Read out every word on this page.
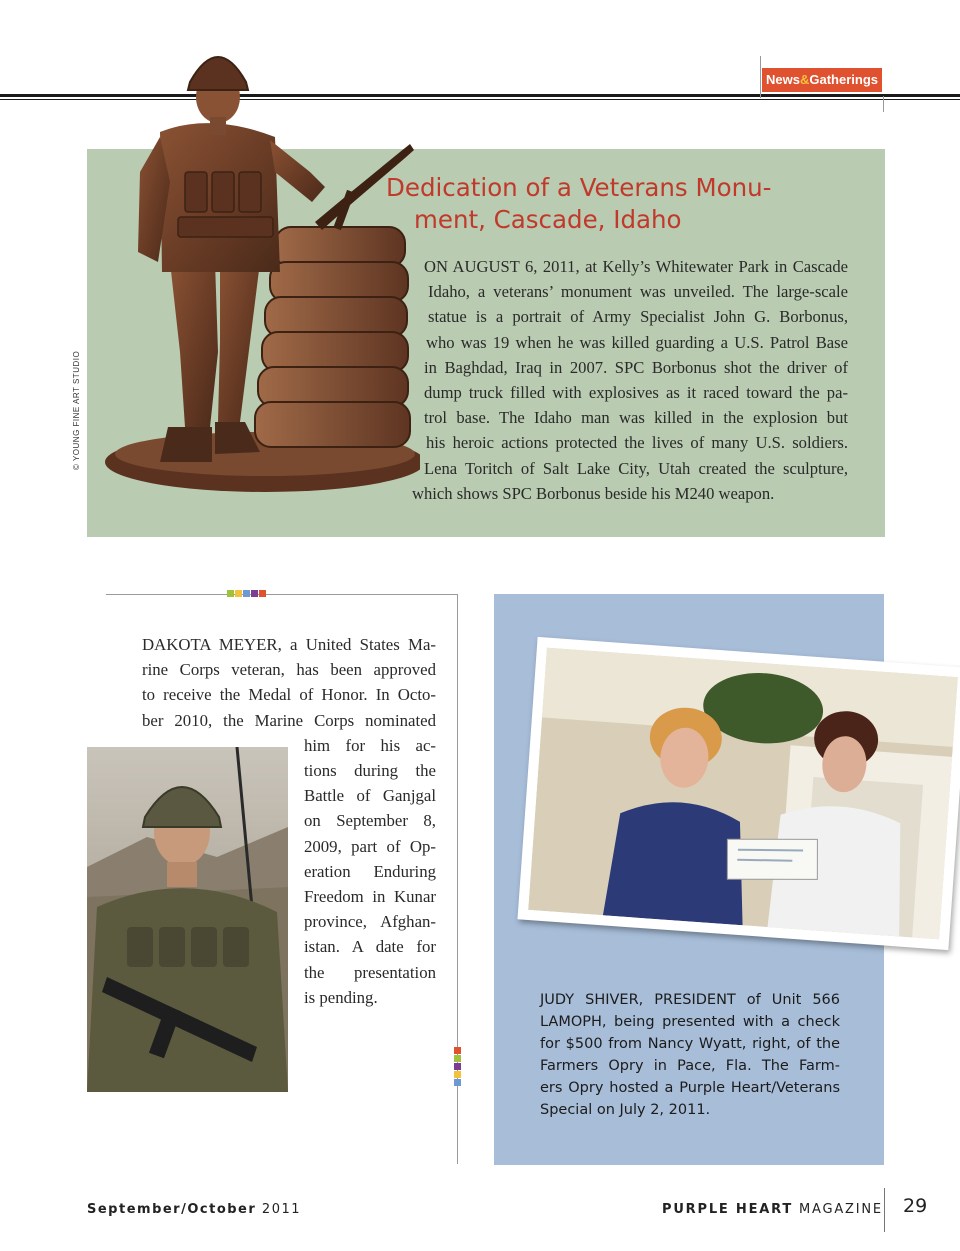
News&Gatherings
© YOUNG FINE ART STUDIO
Dedication of a Veterans Monu-
ment, Cascade, Idaho
ON AUGUST 6, 2011, at Kelly’s Whitewater Park in Cascade
Idaho, a veterans’ monument was unveiled. The large-scale
statue is a portrait of Army Specialist John G. Borbonus,
who was 19 when he was killed guarding a U.S. Patrol Base
in Baghdad, Iraq in 2007. SPC Borbonus shot the driver of
dump truck filled with explosives as it raced toward the pa-
trol base. The Idaho man was killed in the explosion but
his heroic actions protected the lives of many U.S. soldiers.
Lena Toritch of Salt Lake City, Utah created the sculpture,
which shows SPC Borbonus beside his M240 weapon.
DAKOTA MEYER, a United States Ma-
rine Corps veteran, has been approved
to receive the Medal of Honor. In Octo-
ber 2010, the Marine Corps nominated
him for his ac-
tions during the
Battle of Ganjgal
on September 8,
2009, part of Op-
eration Enduring
Freedom in Kunar
province, Afghan-
istan. A date for
the presentation
is pending.	JUDY SHIVER, PRESIDENT of Unit 566
LAMOPH, being presented with a check
for $500 from Nancy Wyatt, right, of the
Farmers Opry in Pace, Fla. The Farm-
ers Opry hosted a Purple Heart/Veterans
Special on July 2, 2011.
September/October 2011	PURPLE HEART MAGAZINE 29
